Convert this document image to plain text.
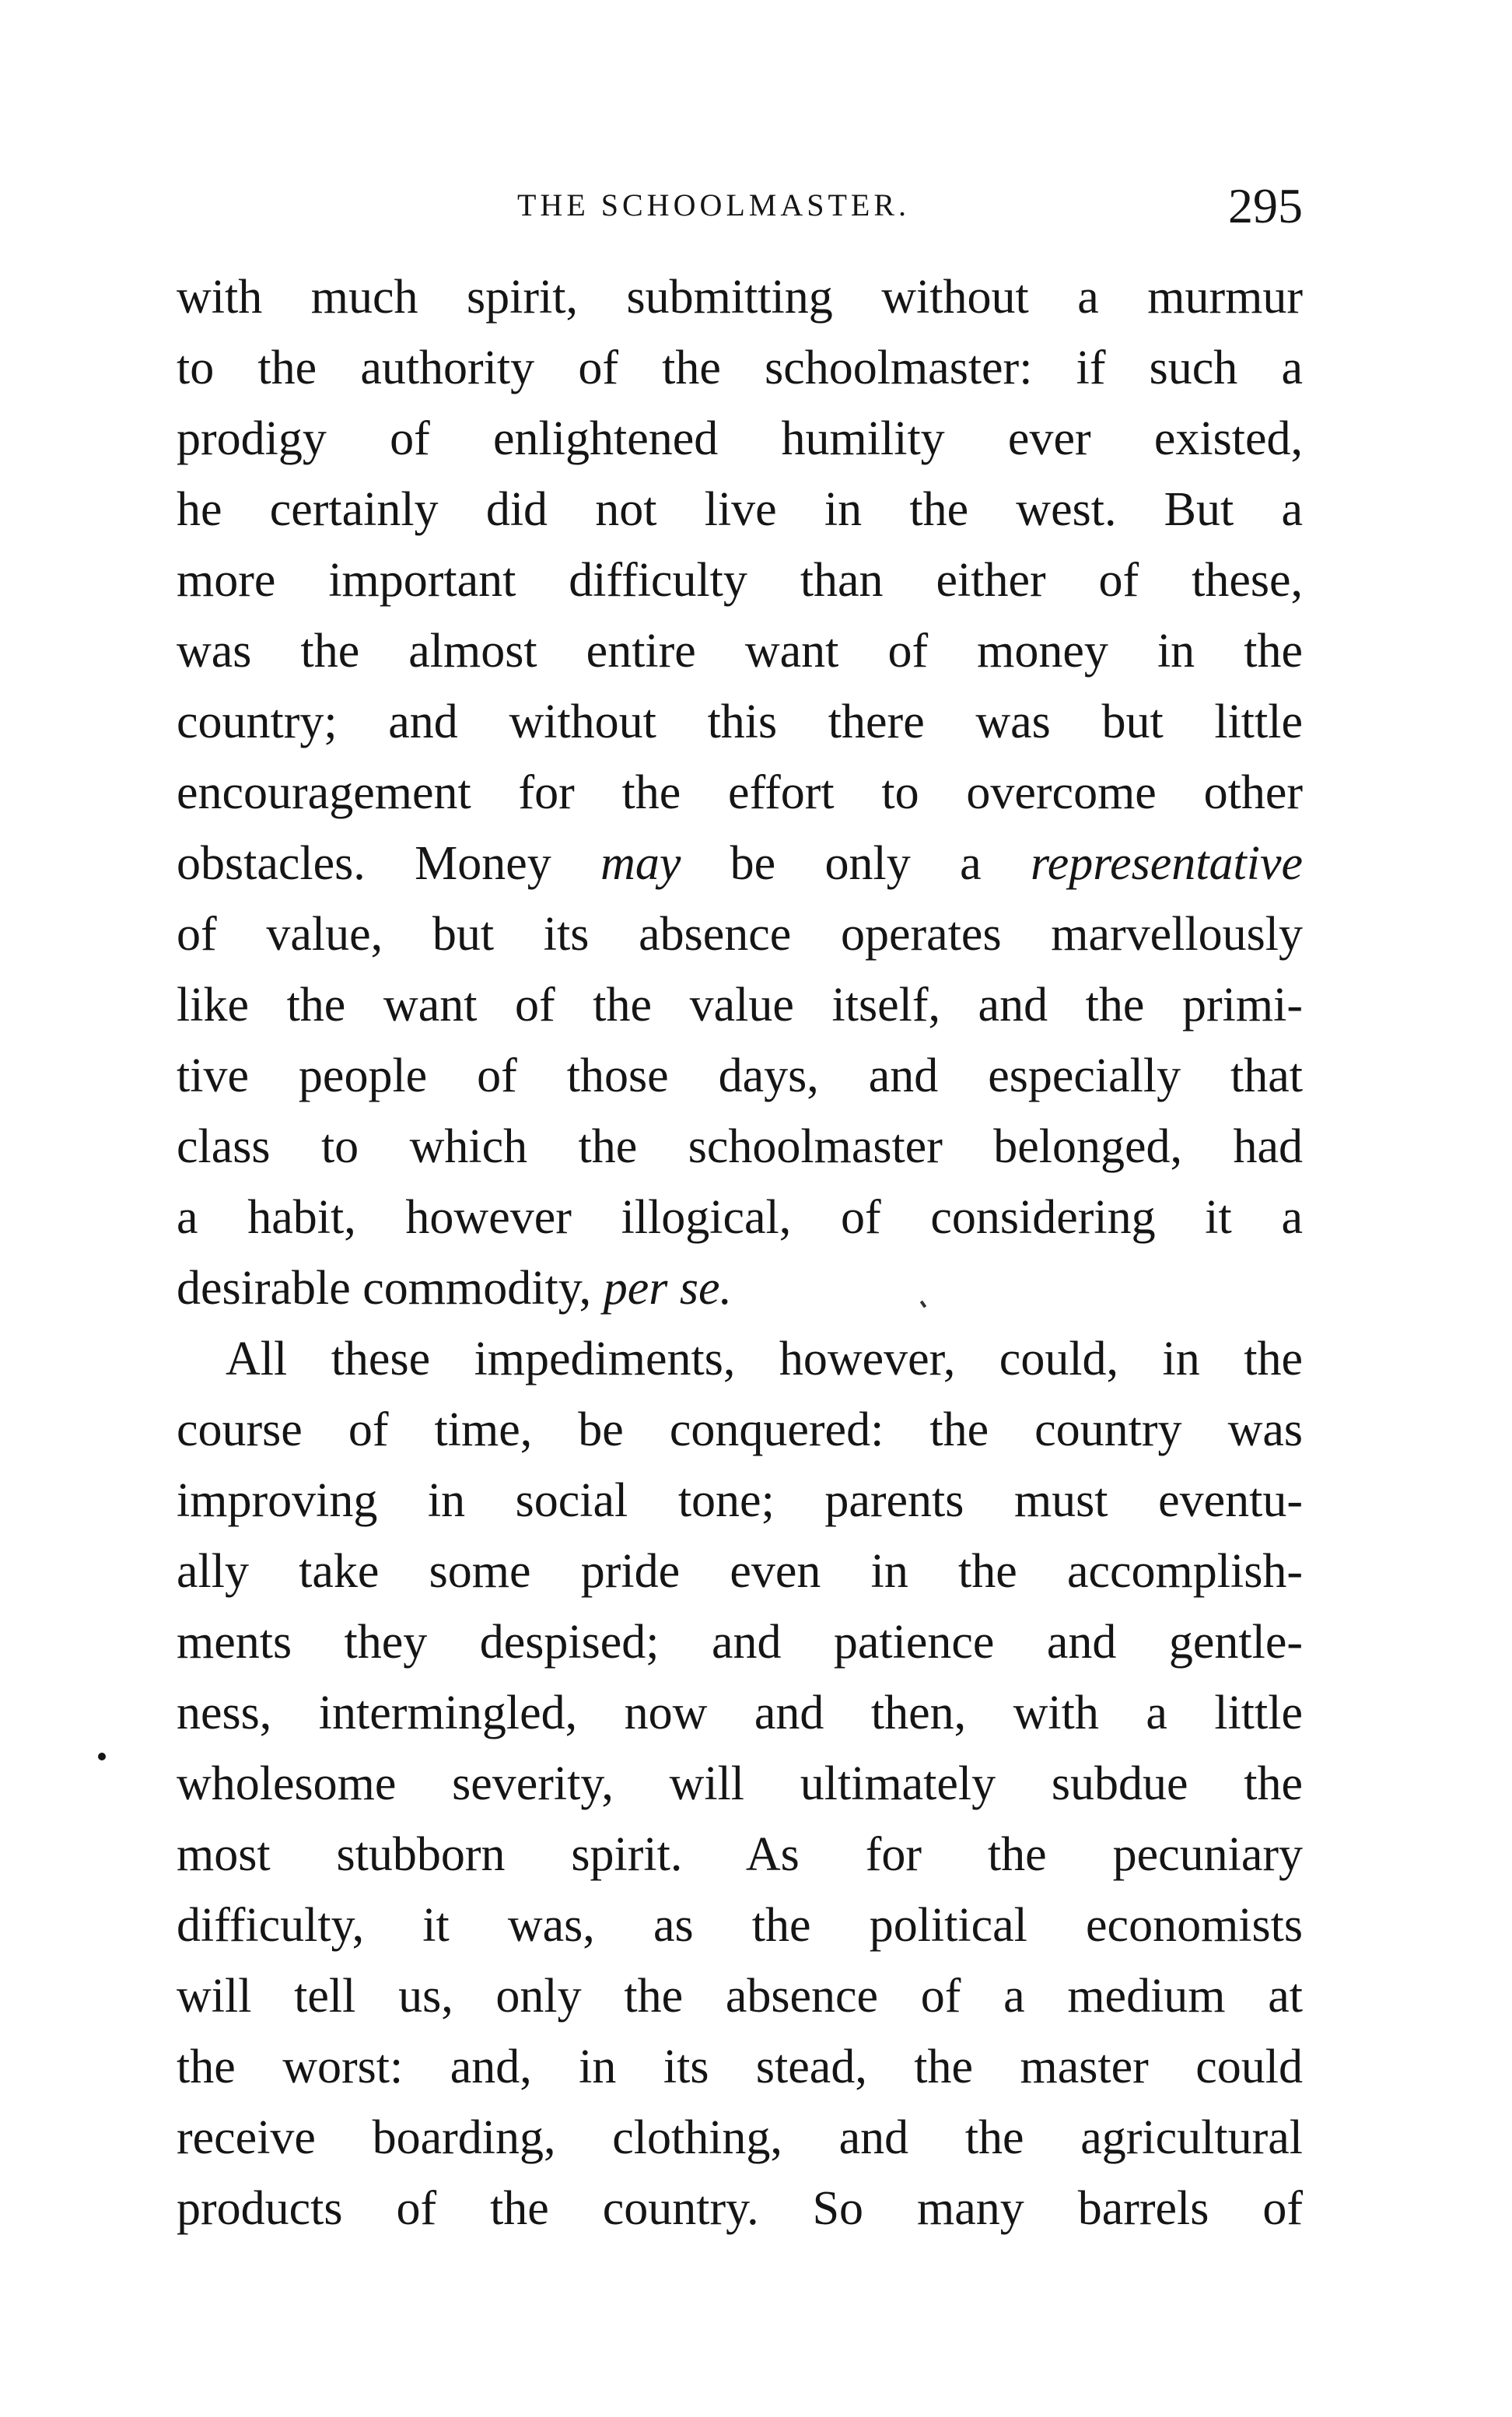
THE SCHOOLMASTER.	295
with much spirit, submitting without a murmur
to the authority of the schoolmaster: if such a
prodigy of enlightened humility ever existed,
he certainly did not live in the west. But a
more important difficulty than either of these,
was the almost entire want of money in the
country; and without this there was but little
encouragement for the effort to overcome other
obstacles. Money may be only a representative
of value, but its absence operates marvellously
like the want of the value itself, and the primi-
tive people of those days, and especially that
class to which the schoolmaster belonged, had
a habit, however illogical, of considering it a
desirable commodity, per se.
All these impediments, however, could, in the
course of time, be conquered: the country was
improving in social tone; parents must eventu-
ally take some pride even in the accomplish-
ments they despised; and patience and gentle-
ness, intermingled, now and then, with a little
wholesome severity, will ultimately subdue the
most stubborn spirit. As for the pecuniary
difficulty, it was, as the political economists
will tell us, only the absence of a medium at
the worst: and, in its stead, the master could
receive boarding, clothing, and the agricultural
products of the country. So many barrels of
